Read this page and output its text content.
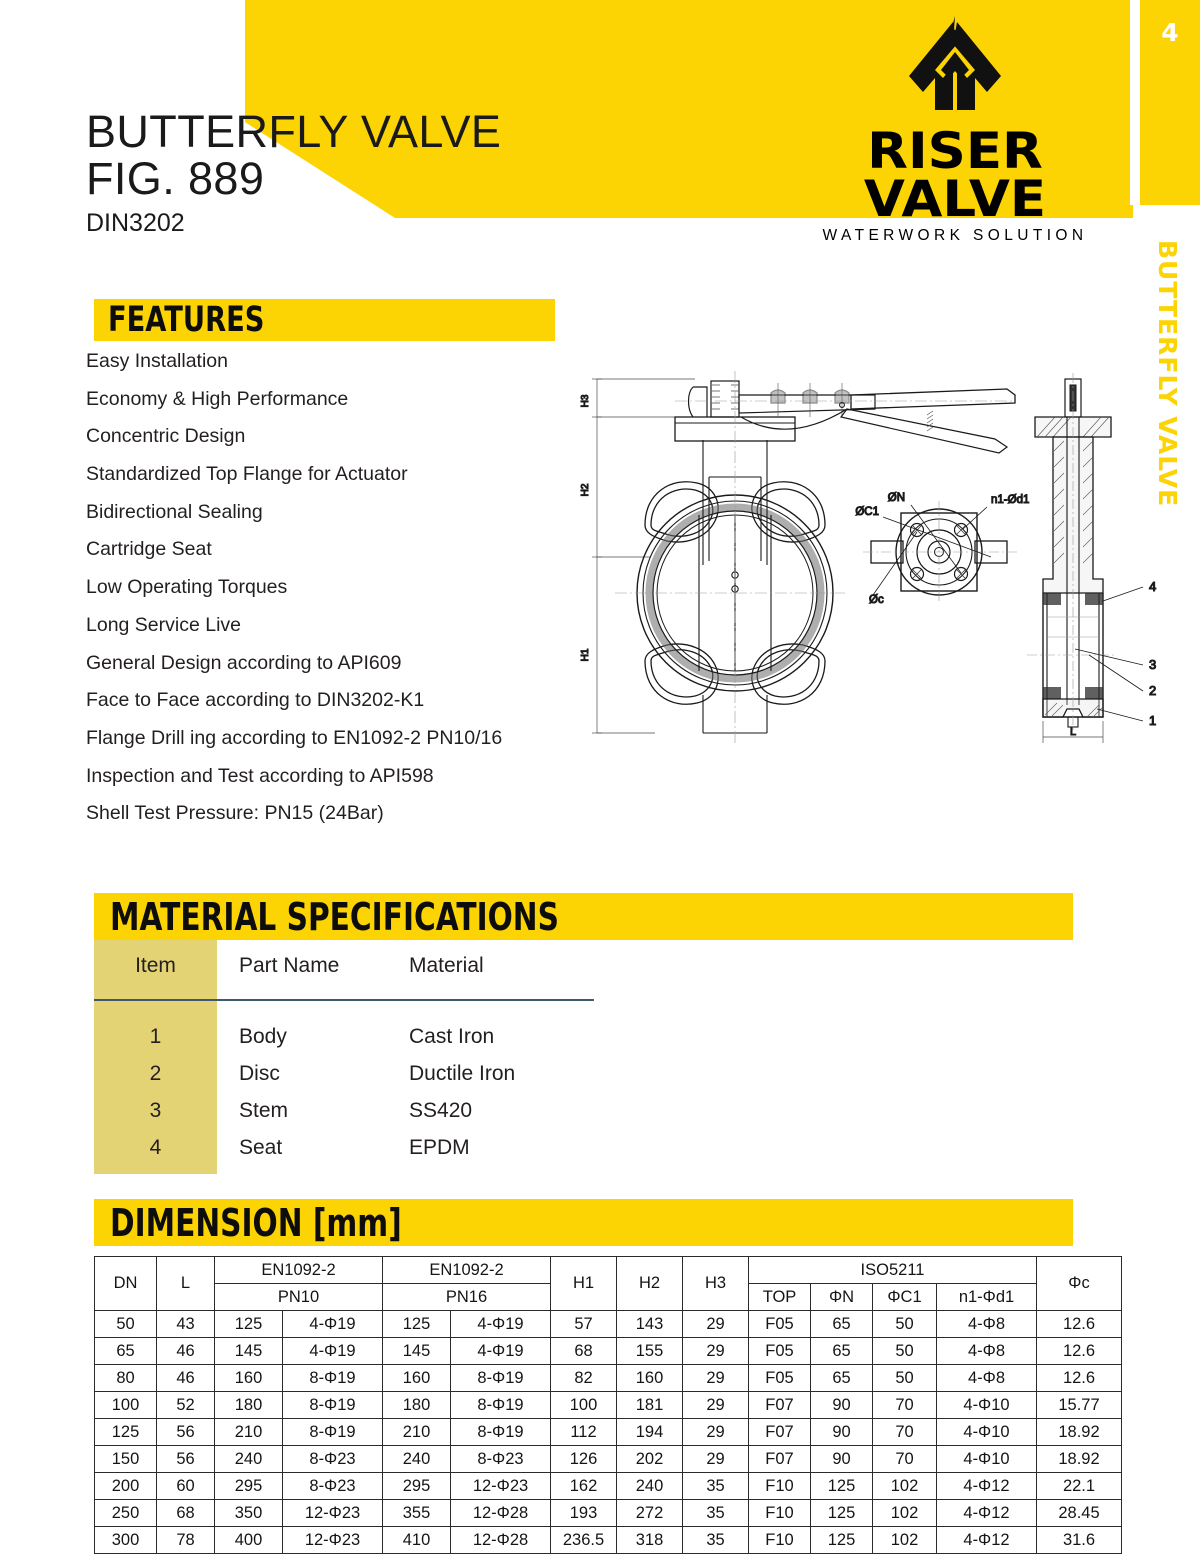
4
RISER VALVE
WATERWORK SOLUTION
BUTTERFLY VALVE
FIG. 889
DIN3202
BUTTERFLY VALVE
FEATURES
Easy Installation
Economy & High Performance
Concentric Design
Standardized Top Flange for Actuator
Bidirectional Sealing
Cartridge Seat
Low Operating Torques
Long Service Live
General Design according to API609
Face to Face according to DIN3202-K1
Flange Drill ing according to EN1092-2 PN10/16
Inspection and Test according to API598
Shell Test Pressure: PN15 (24Bar)
H3
H2
H1
ØN
ØC1
Øc
n1-Ød1
L
4
3
2
1
MATERIAL SPECIFICATIONS
Item	Part Name	Material
1	Body	Cast Iron
2	Disc	Ductile Iron
3	Stem	SS420
4	Seat	EPDM
DIMENSION [mm]
DN	L	EN1092-2		EN1092-2		H1	H2	H3	ISO5211				Φc
		PN10		PN16					TOP	ΦN	ΦC1	n1-Φd1	
50	43	125	4-Φ19	125	4-Φ19	57	143	29	F05	65	50	4-Φ8	12.6
65	46	145	4-Φ19	145	4-Φ19	68	155	29	F05	65	50	4-Φ8	12.6
80	46	160	8-Φ19	160	8-Φ19	82	160	29	F05	65	50	4-Φ8	12.6
100	52	180	8-Φ19	180	8-Φ19	100	181	29	F07	90	70	4-Φ10	15.77
125	56	210	8-Φ19	210	8-Φ19	112	194	29	F07	90	70	4-Φ10	18.92
150	56	240	8-Φ23	240	8-Φ23	126	202	29	F07	90	70	4-Φ10	18.92
200	60	295	8-Φ23	295	12-Φ23	162	240	35	F10	125	102	4-Φ12	22.1
250	68	350	12-Φ23	355	12-Φ28	193	272	35	F10	125	102	4-Φ12	28.45
300	78	400	12-Φ23	410	12-Φ28	236.5	318	35	F10	125	102	4-Φ12	31.6
